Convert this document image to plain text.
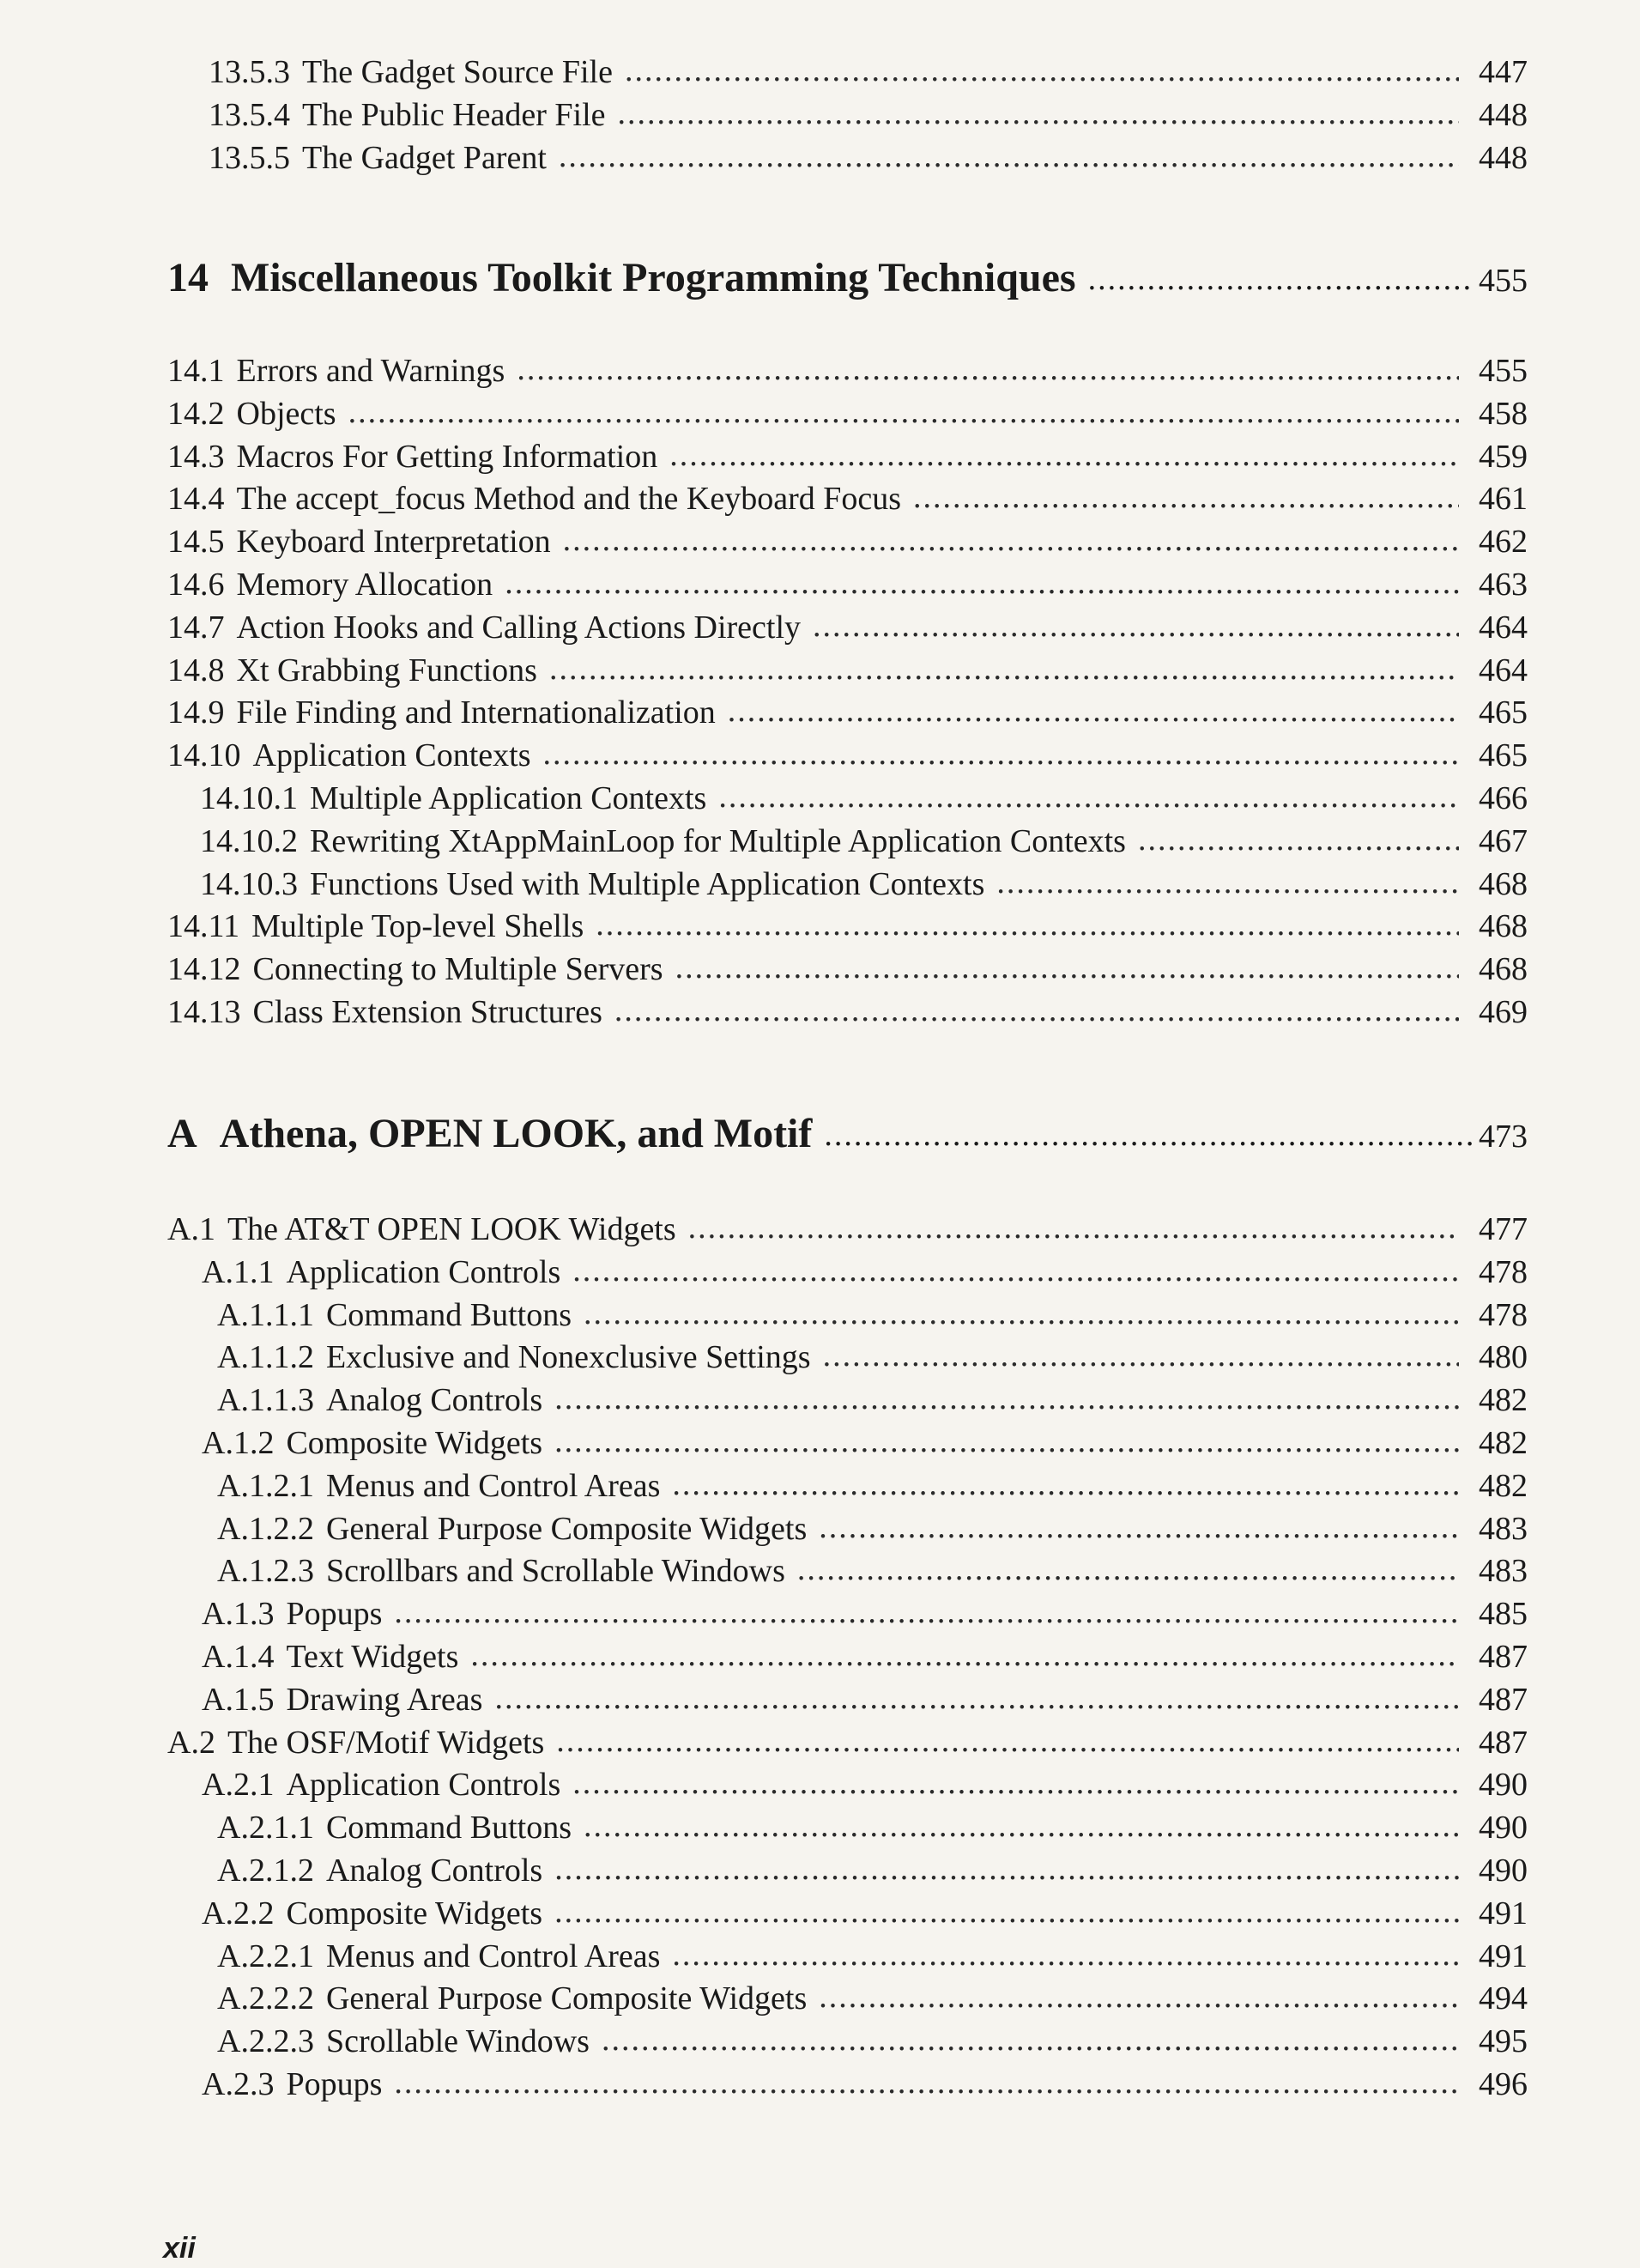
13.5.3 The Gadget Source File .....	447
13.5.4 The Public Header File .....	448
13.5.5 The Gadget Parent .....	448
14 Miscellaneous Toolkit Programming Techniques .....	455
14.1 Errors and Warnings .....	455
14.2 Objects .....	458
14.3 Macros For Getting Information .....	459
14.4 The accept_focus Method and the Keyboard Focus .....	461
14.5 Keyboard Interpretation .....	462
14.6 Memory Allocation .....	463
14.7 Action Hooks and Calling Actions Directly .....	464
14.8 Xt Grabbing Functions .....	464
14.9 File Finding and Internationalization .....	465
14.10 Application Contexts .....	465
14.10.1 Multiple Application Contexts .....	466
14.10.2 Rewriting XtAppMainLoop for Multiple Application Contexts .....	467
14.10.3 Functions Used with Multiple Application Contexts .....	468
14.11 Multiple Top-level Shells .....	468
14.12 Connecting to Multiple Servers .....	468
14.13 Class Extension Structures .....	469
A Athena, OPEN LOOK, and Motif .....	473
A.1 The AT&T OPEN LOOK Widgets .....	477
A.1.1 Application Controls .....	478
A.1.1.1 Command Buttons .....	478
A.1.1.2 Exclusive and Nonexclusive Settings .....	480
A.1.1.3 Analog Controls .....	482
A.1.2 Composite Widgets .....	482
A.1.2.1 Menus and Control Areas .....	482
A.1.2.2 General Purpose Composite Widgets .....	483
A.1.2.3 Scrollbars and Scrollable Windows .....	483
A.1.3 Popups .....	485
A.1.4 Text Widgets .....	487
A.1.5 Drawing Areas .....	487
A.2 The OSF/Motif Widgets .....	487
A.2.1 Application Controls .....	490
A.2.1.1 Command Buttons .....	490
A.2.1.2 Analog Controls .....	490
A.2.2 Composite Widgets .....	491
A.2.2.1 Menus and Control Areas .....	491
A.2.2.2 General Purpose Composite Widgets .....	494
A.2.2.3 Scrollable Windows .....	495
A.2.3 Popups .....	496
xii
